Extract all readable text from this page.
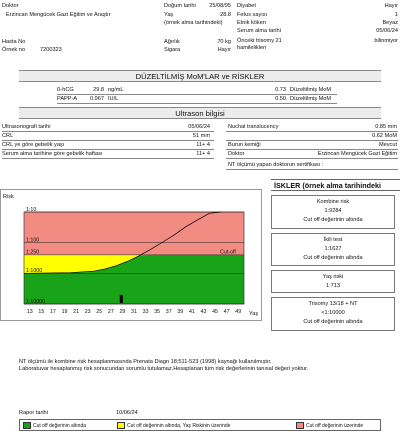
Doktor
Erzincan Mengücek Gazi Eğitim ve Araştır
Hasta No
Örnek no	7200323
Doğum tarihi 25/08/95
Yaş	28.8
(örnek alma tarihindeki)
Ağırlık	70 kg
Sigara	Hayır
Diyabet	Hayır
Fetus sayısı	1
Etnik köken	Beyaz
Serum alma tarihi	05/06/24
Önceki trisomy 21
hamilelikleri
bilinmiyor
DÜZELTİLMİŞ MoM'LAR ve RİSKLER
ß-hCG	29.8 ng/mL	0.73 Düzeltilmiş MoM
PAPP-A 0.967 IU/L	0.50 Düzeltilmiş MoM
Ultrason bilgisi
Ultrasonografi tarihi	05/06/24
CRL	51 mm
CRL ye göre gebelik yaşı	11+ 4
Serum alma tarihine göre gebelik haftası	11+ 4
Nuchal translucency	0.85 mm
0.62 MoM
Burun kemiği	Mevcut
Doktor	Erzincan Mengücek Gazi Eğitim
NT ölçümü yapan doktorun sertifikası :
İSKLER (örnek alma tarihindeki
Kombine risk
1:9284
Cut off değerinin altında
İkili test
1:1627
Cut off değerinin altında
Yaş riski
1:713
Trisomy 13/18 + NT
<1:10000
Cut off değerinin altında
1:10
1:100
1:250
1:1000
1:10000
13 15 17 19 21 23 25 27 29 31 33 35 37 39 41 43 45 47 49
Risk
Yaş
Cut-off
NT ölçümü ile kombine risk hesaplanmasında Prenata Diagn 18;511-523 (1998) kaynağı kullanılmıştır.
Laboratuvar hesaplanmış risk sonucundan sorumlu tutulamaz.Hesaplanan tüm risk değerlerinin tanısal değeri yoktur.
Rapor tarihi	10/06/24
Cut off değerinin altında	Cut off değerinin altında, Yaş Riskinin üzerinde	Cut off değerinin üzerinde
